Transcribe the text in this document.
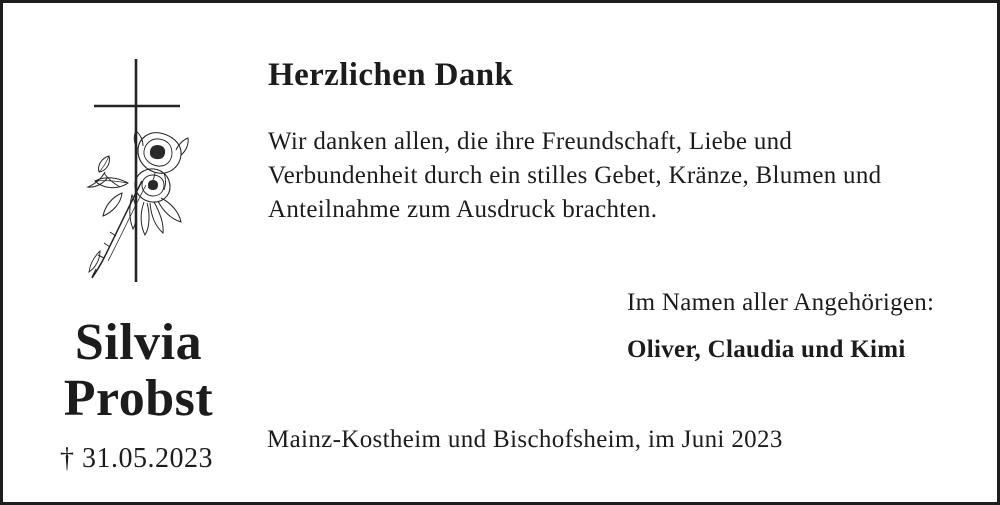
Herzlichen Dank
Wir danken allen, die ihre Freundschaft, Liebe und
Verbundenheit durch ein stilles Gebet, Kränze, Blumen und
Anteilnahme zum Ausdruck brachten.
Im Namen aller Angehörigen:
Oliver, Claudia und Kimi
Silvia
Probst
† 31.05.2023
Mainz-Kostheim und Bischofsheim, im Juni 2023
